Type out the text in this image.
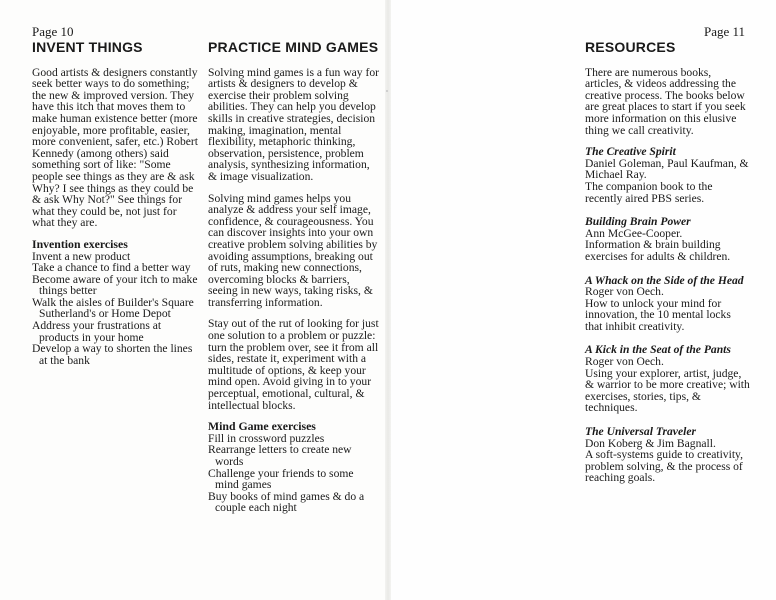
Page 10	Page 11
INVENT THINGS

Good artists & designers constantly seek better ways to do something; the new & improved version. They have this itch that moves them to make human existence better (more enjoyable, more profitable, easier, more convenient, safer, etc.) Robert Kennedy (among others) said something sort of like: "Some people see things as they are & ask Why? I see things as they could be & ask Why Not?" See things for what they could be, not just for what they are.

Invention exercises
Invent a new product
Take a chance to find a better way
Become aware of your itch to make things better
Walk the aisles of Builder's Square Sutherland's or Home Depot
Address your frustrations at products in your home
Develop a way to shorten the lines at the bank
PRACTICE MIND GAMES

Solving mind games is a fun way for artists & designers to develop & exercise their problem solving abilities. They can help you develop skills in creative strategies, decision making, imagination, mental flexibility, metaphoric thinking, observation, persistence, problem analysis, synthesizing information, & image visualization.

Solving mind games helps you analyze & address your self image, confidence, & courageousness. You can discover insights into your own creative problem solving abilities by avoiding assumptions, breaking out of ruts, making new connections, overcoming blocks & barriers, seeing in new ways, taking risks, & transferring information.

Stay out of the rut of looking for just one solution to a problem or puzzle: turn the problem over, see it from all sides, restate it, experiment with a multitude of options, & keep your mind open. Avoid giving in to your perceptual, emotional, cultural, & intellectual blocks.

Mind Game exercises
Fill in crossword puzzles
Rearrange letters to create new words
Challenge your friends to some mind games
Buy books of mind games & do a couple each night
RESOURCES

There are numerous books, articles, & videos addressing the creative process. The books below are great places to start if you seek more information on this elusive thing we call creativity.

The Creative Spirit
Daniel Goleman, Paul Kaufman, & Michael Ray.
The companion book to the recently aired PBS series.
Building Brain Power
Ann McGee-Cooper.
Information & brain building exercises for adults & children.
A Whack on the Side of the Head
Roger von Oech.
How to unlock your mind for innovation, the 10 mental locks that inhibit creativity.
A Kick in the Seat of the Pants
Roger von Oech.
Using your explorer, artist, judge, & warrior to be more creative; with exercises, stories, tips, & techniques.
The Universal Traveler
Don Koberg & Jim Bagnall.
A soft-systems guide to creativity, problem solving, & the process of reaching goals.
